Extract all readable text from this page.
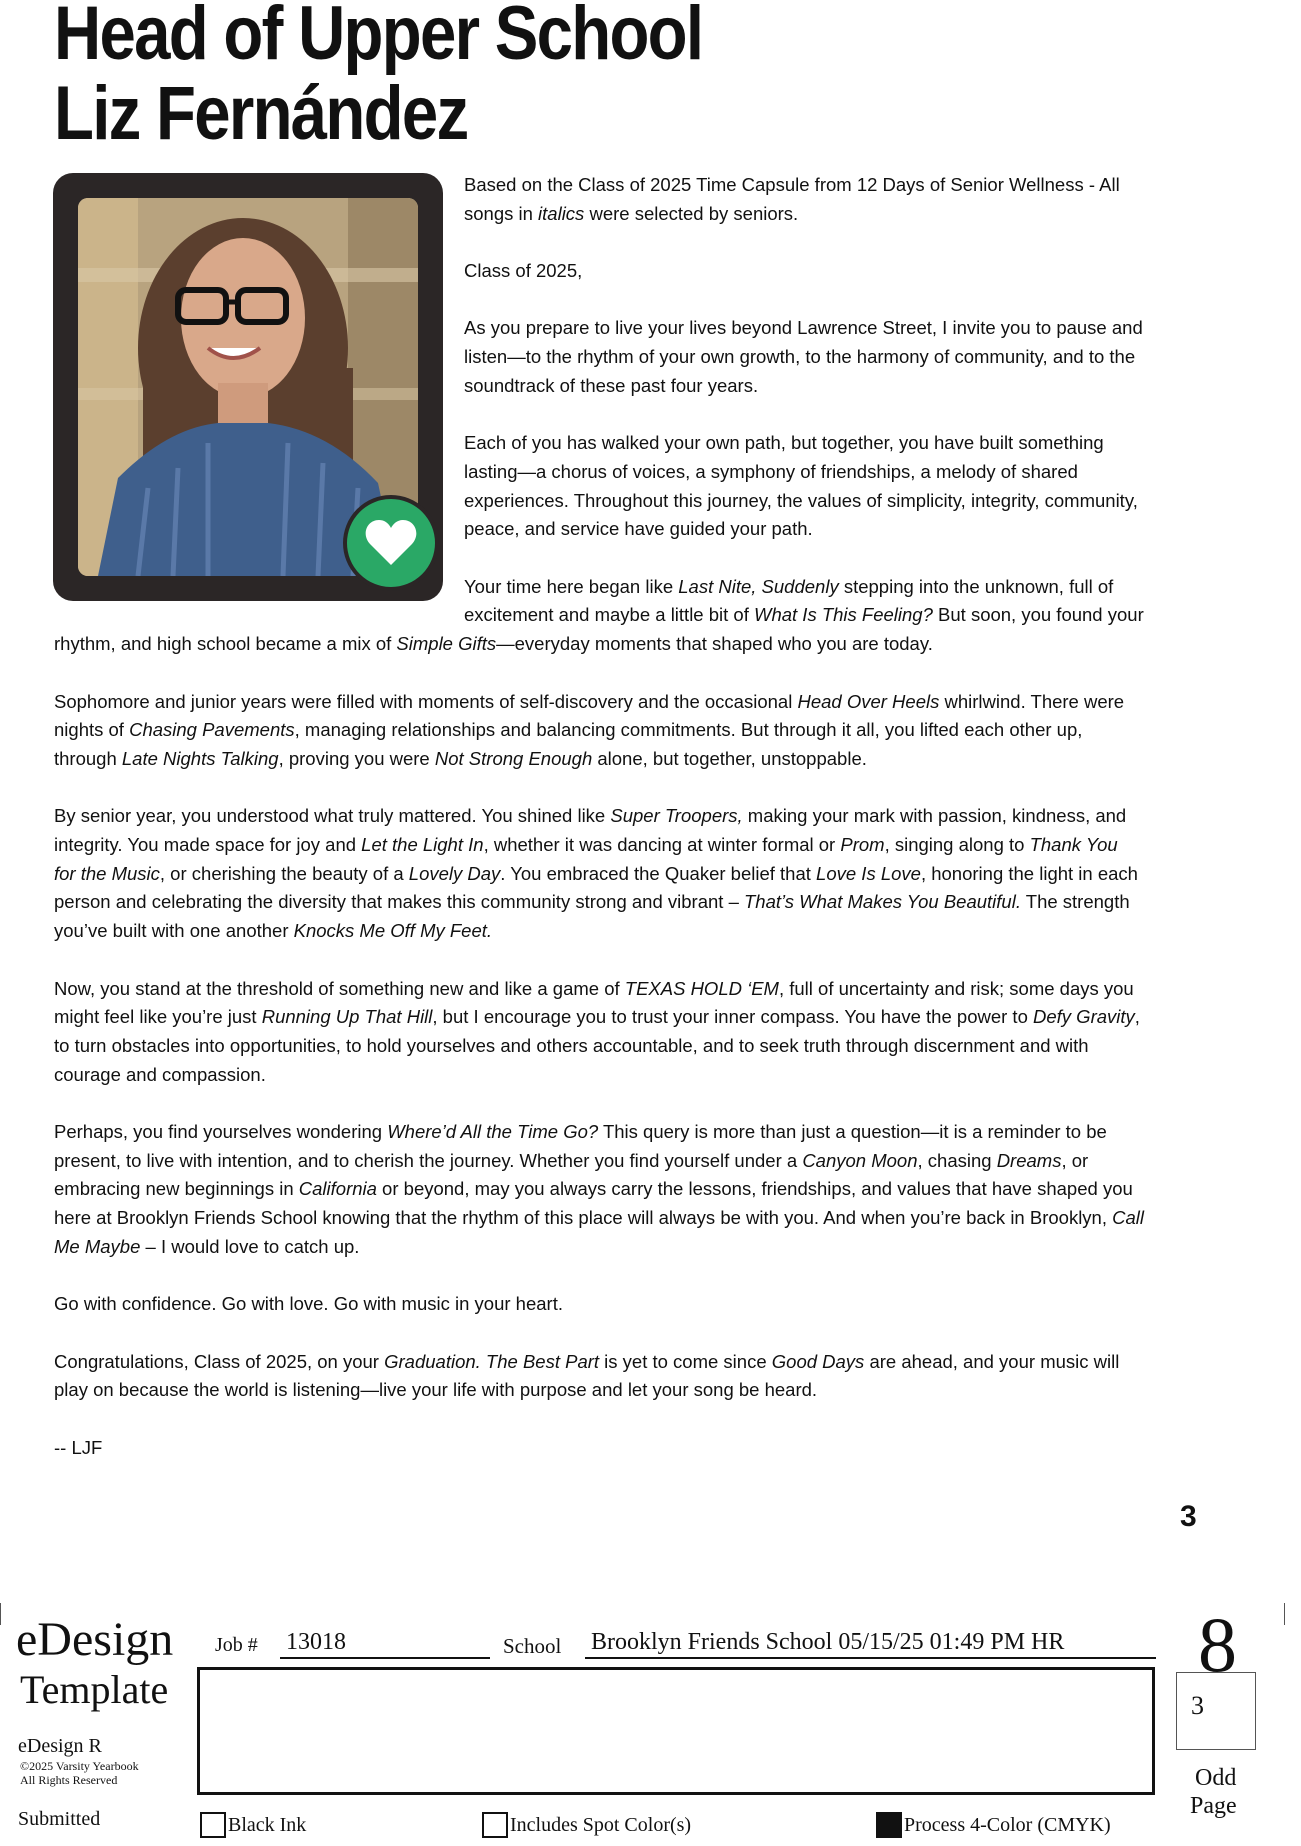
Head of Upper School
Liz Fernández

Based on the Class of 2025 Time Capsule from 12 Days of Senior Wellness - All songs in italics were selected by seniors.

Class of 2025,

As you prepare to live your lives beyond Lawrence Street, I invite you to pause and listen—to the rhythm of your own growth, to the harmony of community, and to the soundtrack of these past four years.

Each of you has walked your own path, but together, you have built something lasting—a chorus of voices, a symphony of friendships, a melody of shared experiences. Throughout this journey, the values of simplicity, integrity, community, peace, and service have guided your path.

Your time here began like Last Nite, Suddenly stepping into the unknown, full of excitement and maybe a little bit of What Is This Feeling? But soon, you found your rhythm, and high school became a mix of Simple Gifts—everyday moments that shaped who you are today.

Sophomore and junior years were filled with moments of self-discovery and the occasional Head Over Heels whirlwind. There were nights of Chasing Pavements, managing relationships and balancing commitments. But through it all, you lifted each other up, through Late Nights Talking, proving you were Not Strong Enough alone, but together, unstoppable.

By senior year, you understood what truly mattered. You shined like Super Troopers, making your mark with passion, kindness, and integrity. You made space for joy and Let the Light In, whether it was dancing at winter formal or Prom, singing along to Thank You for the Music, or cherishing the beauty of a Lovely Day. You embraced the Quaker belief that Love Is Love, honoring the light in each person and celebrating the diversity that makes this community strong and vibrant – That’s What Makes You Beautiful. The strength you’ve built with one another Knocks Me Off My Feet.

Now, you stand at the threshold of something new and like a game of TEXAS HOLD ‘EM, full of uncertainty and risk; some days you might feel like you’re just Running Up That Hill, but I encourage you to trust your inner compass. You have the power to Defy Gravity, to turn obstacles into opportunities, to hold yourselves and others accountable, and to seek truth through discernment and with courage and compassion.

Perhaps, you find yourselves wondering Where’d All the Time Go? This query is more than just a question—it is a reminder to be present, to live with intention, and to cherish the journey. Whether you find yourself under a Canyon Moon, chasing Dreams, or embracing new beginnings in California or beyond, may you always carry the lessons, friendships, and values that have shaped you here at Brooklyn Friends School knowing that the rhythm of this place will always be with you. And when you’re back in Brooklyn, Call Me Maybe – I would love to catch up.

Go with confidence. Go with love. Go with music in your heart.

Congratulations, Class of 2025, on your Graduation. The Best Part is yet to come since Good Days are ahead, and your music will play on because the world is listening—live your life with purpose and let your song be heard.

-- LJF

3
eDesign
Template
eDesign R
©2025 Varsity Yearbook
All Rights Reserved
Submitted
Job # 13018	School Brooklyn Friends School 05/15/25 01:49 PM HR
Black Ink	Includes Spot Color(s)	Process 4-Color (CMYK)
8
3
Odd
Page
